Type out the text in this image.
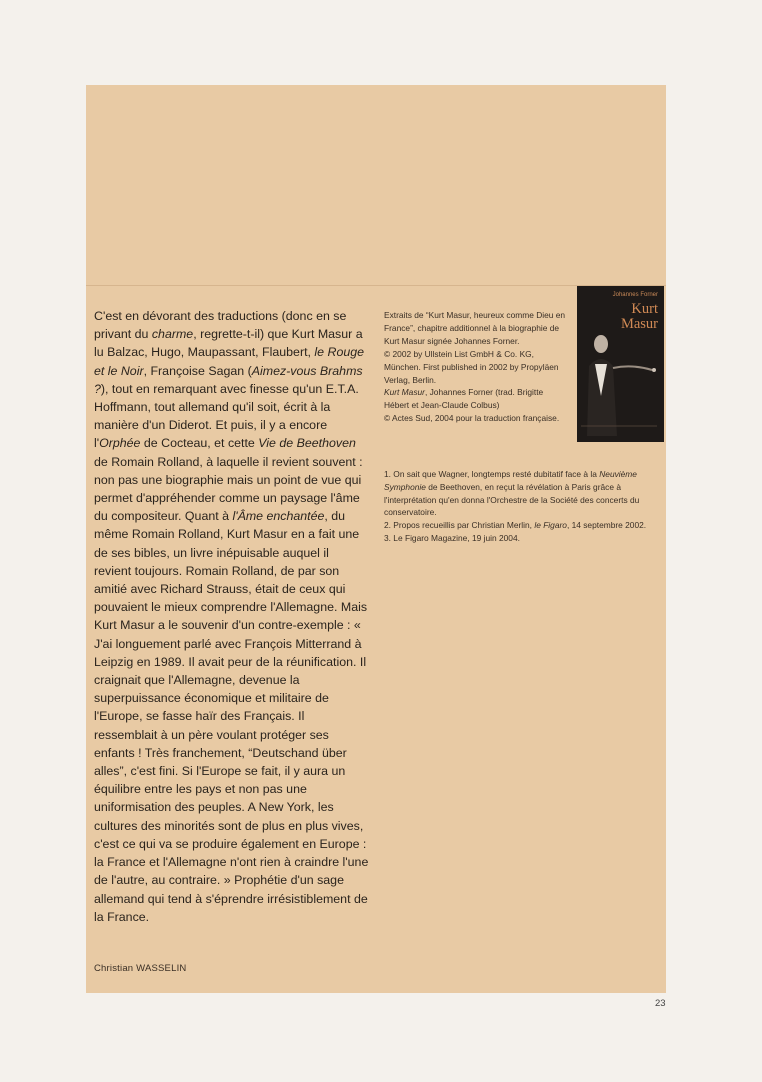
C'est en dévorant des traductions (donc en se privant du charme, regrette-t-il) que Kurt Masur a lu Balzac, Hugo, Maupassant, Flaubert, le Rouge et le Noir, Françoise Sagan (Aimez-vous Brahms ?), tout en remarquant avec finesse qu'un E.T.A. Hoffmann, tout allemand qu'il soit, écrit à la manière d'un Diderot. Et puis, il y a encore l'Orphée de Cocteau, et cette Vie de Beethoven de Romain Rolland, à laquelle il revient souvent : non pas une biographie mais un point de vue qui permet d'appréhender comme un paysage l'âme du compositeur. Quant à l'Âme enchantée, du même Romain Rolland, Kurt Masur en a fait une de ses bibles, un livre inépuisable auquel il revient toujours. Romain Rolland, de par son amitié avec Richard Strauss, était de ceux qui pouvaient le mieux comprendre l'Allemagne. Mais Kurt Masur a le souvenir d'un contre-exemple : « J'ai longuement parlé avec François Mitterrand à Leipzig en 1989. Il avait peur de la réunification. Il craignait que l'Allemagne, devenue la superpuissance économique et militaire de l'Europe, se fasse haïr des Français. Il ressemblait à un père voulant protéger ses enfants ! Très franchement, “Deutschand über alles”, c'est fini. Si l'Europe se fait, il y aura un équilibre entre les pays et non pas une uniformisation des peuples. A New York, les cultures des minorités sont de plus en plus vives, c'est ce qui va se produire également en Europe : la France et l'Allemagne n'ont rien à craindre l'une de l'autre, au contraire. » Prophétie d'un sage allemand qui tend à s'éprendre irrésistiblement de la France.

Christian WASSELIN

Extraits de “Kurt Masur, heureux comme Dieu en France”, chapitre additionnel à la biographie de Kurt Masur signée Johannes Forner.
© 2002 by Ullstein List GmbH & Co. KG, München. First published in 2002 by Propyläen Verlag, Berlin.
Kurt Masur, Johannes Forner (trad. Brigitte Hébert et Jean-Claude Colbus)
© Actes Sud, 2004 pour la traduction française.

Johannes Forner
Kurt
Masur

1. On sait que Wagner, longtemps resté dubitatif face à la Neuvième Symphonie de Beethoven, en reçut la révélation à Paris grâce à l'interprétation qu'en donna l'Orchestre de la Société des concerts du conservatoire.

2. Propos recueillis par Christian Merlin, le Figaro, 14 septembre 2002.

3. Le Figaro Magazine, 19 juin 2004.

23
